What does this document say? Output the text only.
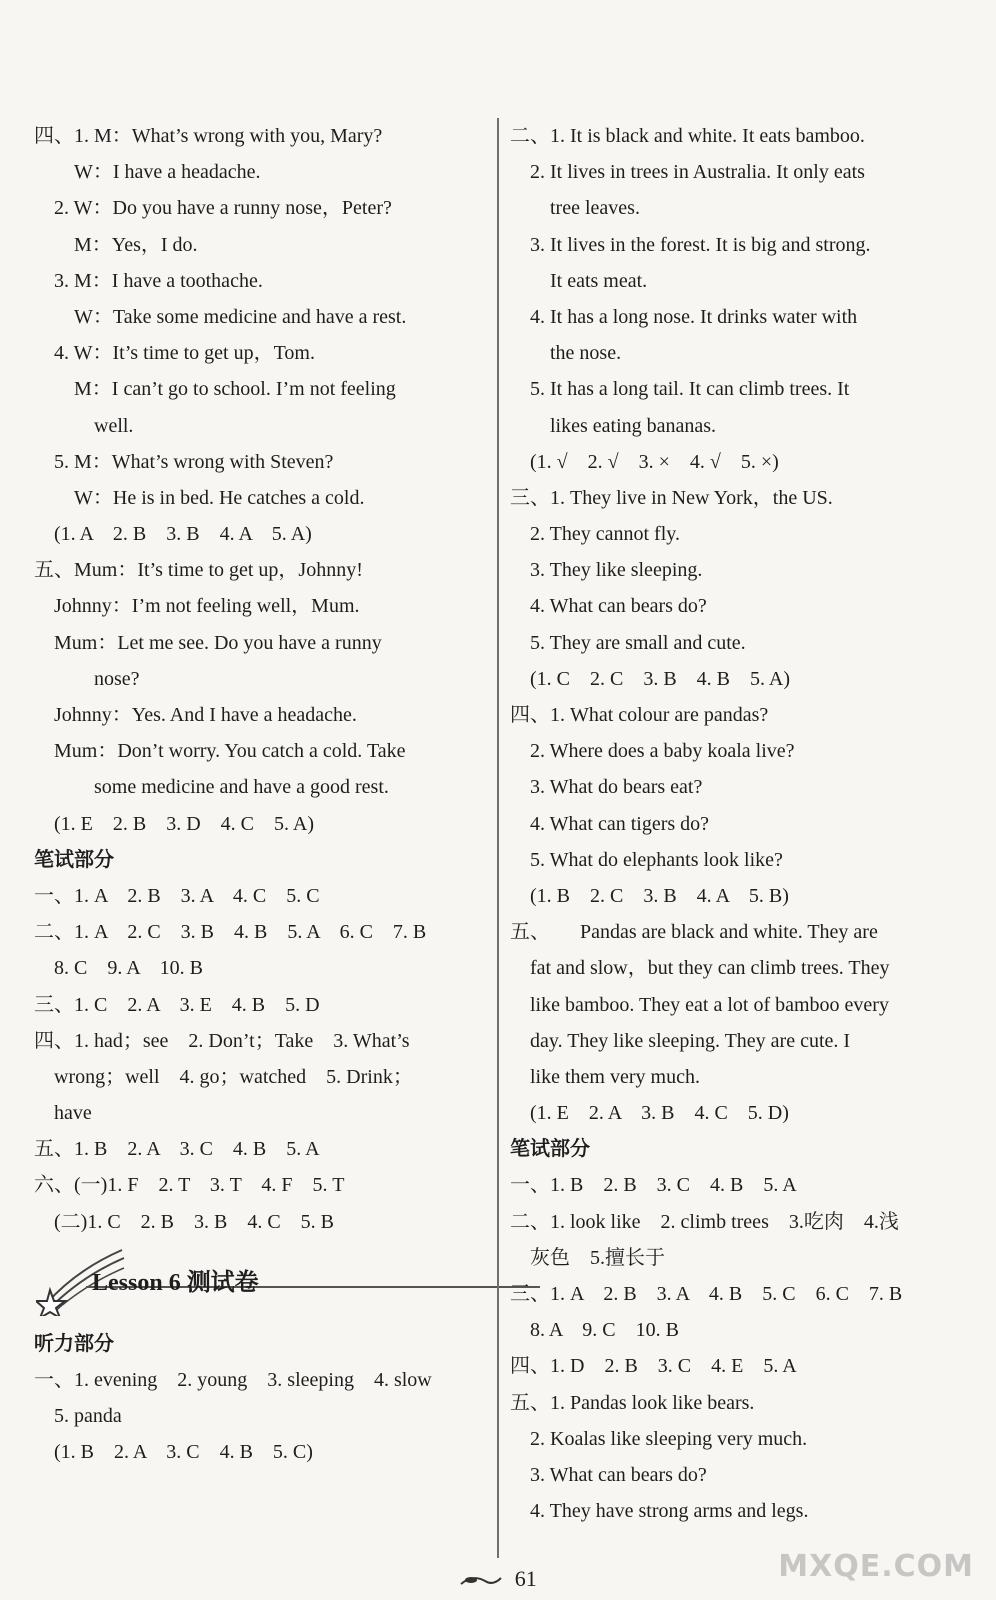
四、1. M：What’s wrong with you, Mary?
　　W：I have a headache.
　2. W：Do you have a runny nose，Peter?
　　M：Yes，I do.
　3. M：I have a toothache.
　　W：Take some medicine and have a rest.
　4. W：It’s time to get up，Tom.
　　M：I can’t go to school. I’m not feeling
　　　well.
　5. M：What’s wrong with Steven?
　　W：He is in bed. He catches a cold.
　(1. A　2. B　3. B　4. A　5. A)
五、Mum：It’s time to get up，Johnny!
　Johnny：I’m not feeling well，Mum.
　Mum：Let me see. Do you have a runny
　　　nose?
　Johnny：Yes. And I have a headache.
　Mum：Don’t worry. You catch a cold. Take
　　　some medicine and have a good rest.
　(1. E　2. B　3. D　4. C　5. A)
笔试部分
一、1. A　2. B　3. A　4. C　5. C
二、1. A　2. C　3. B　4. B　5. A　6. C　7. B
　8. C　9. A　10. B
三、1. C　2. A　3. E　4. B　5. D
四、1. had；see　2. Don’t；Take　3. What’s
　wrong；well　4. go；watched　5. Drink；
　have
五、1. B　2. A　3. C　4. B　5. A
六、(一)1. F　2. T　3. T　4. F　5. T
　(二)1. C　2. B　3. B　4. C　5. B
Lesson 6 测试卷
听力部分
一、1. evening　2. young　3. sleeping　4. slow
　5. panda
　(1. B　2. A　3. C　4. B　5. C)
二、1. It is black and white. It eats bamboo.
　2. It lives in trees in Australia. It only eats
　　tree leaves.
　3. It lives in the forest. It is big and strong.
　　It eats meat.
　4. It has a long nose. It drinks water with
　　the nose.
　5. It has a long tail. It can climb trees. It
　　likes eating bananas.
　(1. √　2. √　3. ×　4. √　5. ×)
三、1. They live in New York，the US.
　2. They cannot fly.
　3. They like sleeping.
　4. What can bears do?
　5. They are small and cute.
　(1. C　2. C　3. B　4. B　5. A)
四、1. What colour are pandas?
　2. Where does a baby koala live?
　3. What do bears eat?
　4. What can tigers do?
　5. What do elephants look like?
　(1. B　2. C　3. B　4. A　5. B)
五、　　Pandas are black and white. They are
　fat and slow，but they can climb trees. They
　like bamboo. They eat a lot of bamboo every
　day. They like sleeping. They are cute. I
　like them very much.
　(1. E　2. A　3. B　4. C　5. D)
笔试部分
一、1. B　2. B　3. C　4. B　5. A
二、1. look like　2. climb trees　3.吃肉　4.浅
　灰色　5.擅长于
三、1. A　2. B　3. A　4. B　5. C　6. C　7. B
　8. A　9. C　10. B
四、1. D　2. B　3. C　4. E　5. A
五、1. Pandas look like bears.
　2. Koalas like sleeping very much.
　3. What can bears do?
　4. They have strong arms and legs.
61	MXQE.COM
